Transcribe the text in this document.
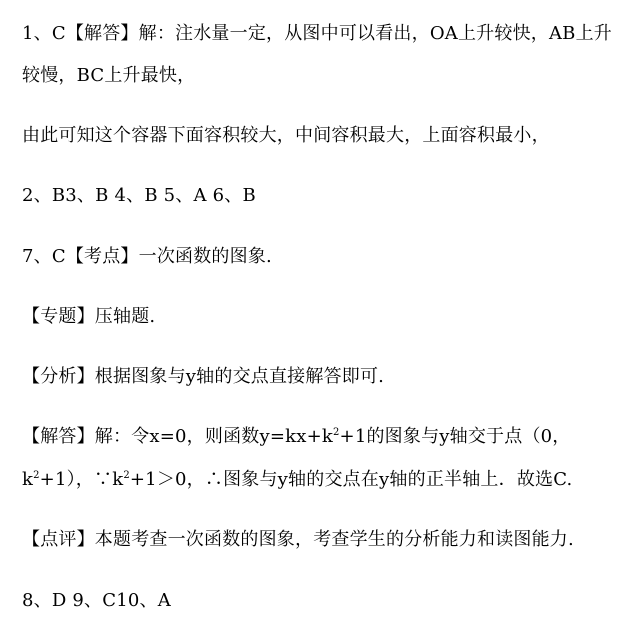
1、C【解答】解：注水量一定，从图中可以看出，OA上升较快，AB上升
较慢，BC上升最快，
由此可知这个容器下面容积较大，中间容积最大，上面容积最小，
2、B3、B 4、B 5、A 6、B
7、C【考点】一次函数的图象.
【专题】压轴题.
【分析】根据图象与y轴的交点直接解答即可.
【解答】解：令x=0，则函数$y=kx+k^2+1$的图象与y轴交于点（0，
$k^2+1$），$\because k^2+1>0$，∴图象与y轴的交点在y轴的正半轴上．故选C.
【点评】本题考查一次函数的图象，考查学生的分析能力和读图能力.
8、D 9、C10、A
